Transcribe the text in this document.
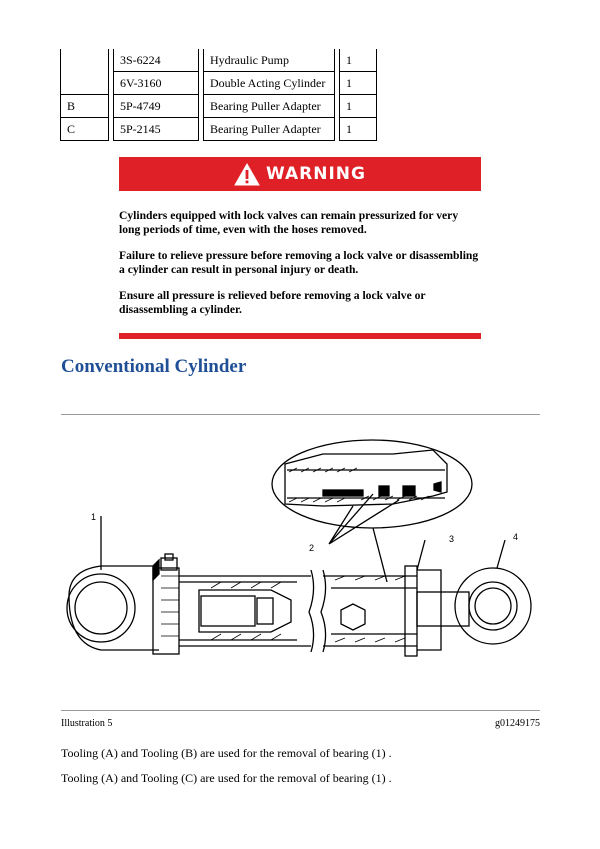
		3S-6224		Hydraulic Pump		1

		6V-3160		Double Acting Cylinder		1

B		5P-4749		Bearing Puller Adapter		1

C		5P-2145		Bearing Puller Adapter		1
WARNING

Cylinders equipped with lock valves can remain pressurized for very long periods of time, even with the hoses removed.

Failure to relieve pressure before removing a lock valve or disassembling a cylinder can result in personal injury or death.

Ensure all pressure is relieved before removing a lock valve or disassembling a cylinder.

Conventional Cylinder
1
2
3	4
Illustration 5	g01249175

Tooling (A) and Tooling (B) are used for the removal of bearing (1) .

Tooling (A) and Tooling (C) are used for the removal of bearing (1) .
